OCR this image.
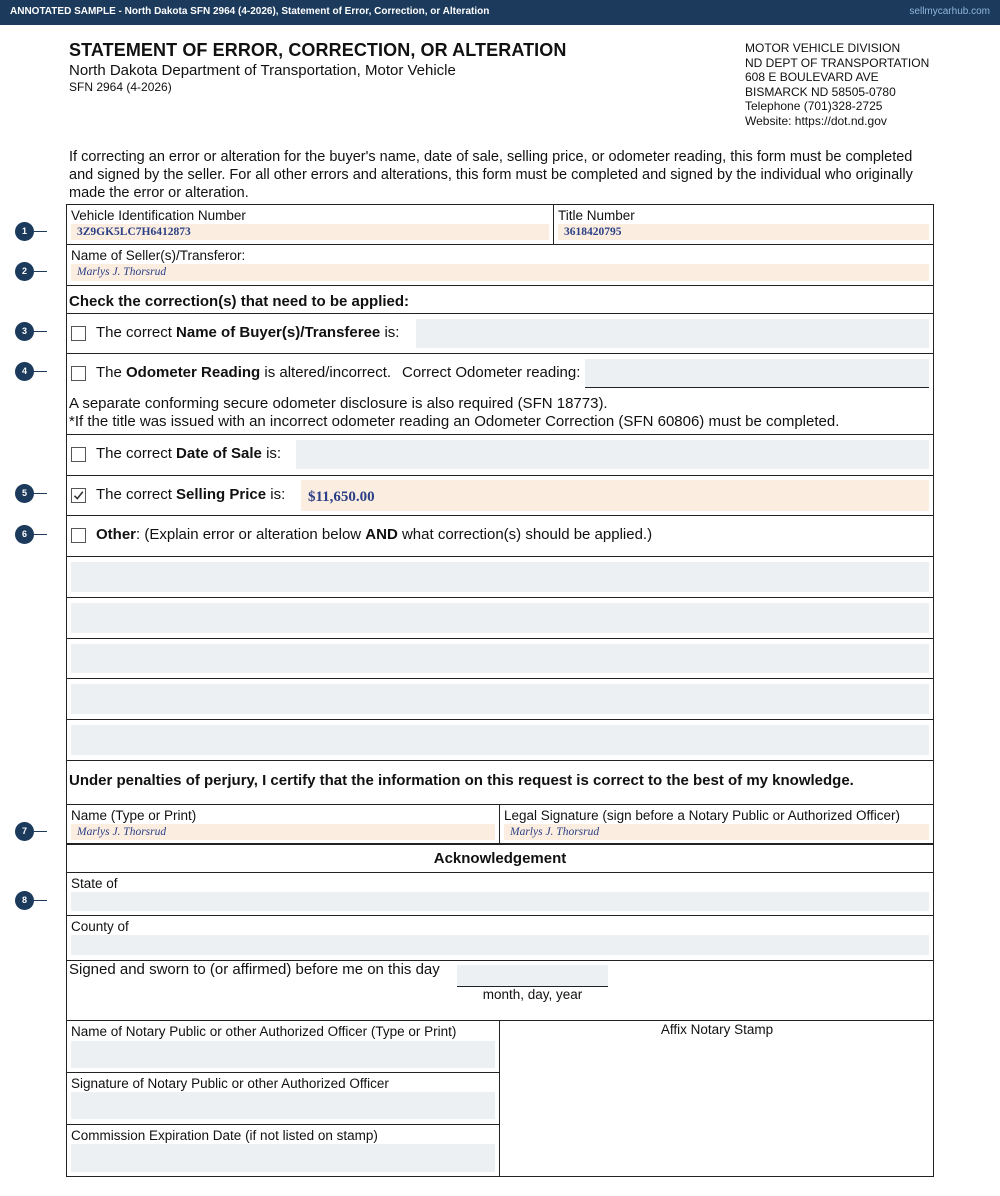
ANNOTATED SAMPLE - North Dakota SFN 2964 (4-2026), Statement of Error, Correction, or Alteration	sellmycarhub.com
STATEMENT OF ERROR, CORRECTION, OR ALTERATION
North Dakota Department of Transportation, Motor Vehicle
SFN 2964 (4-2026)
MOTOR VEHICLE DIVISION
ND DEPT OF TRANSPORTATION
608 E BOULEVARD AVE
BISMARCK ND 58505-0780
Telephone (701)328-2725
Website: https://dot.nd.gov
If correcting an error or alteration for the buyer's name, date of sale, selling price, or odometer reading, this form must be completed and signed by the seller. For all other errors and alterations, this form must be completed and signed by the individual who originally made the error or alteration.
Vehicle Identification Number
3Z9GK5LC7H6412873
Title Number
3618420795
Name of Seller(s)/Transferor:
Marlys J. Thorsrud
Check the correction(s) that need to be applied:
The correct Name of Buyer(s)/Transferee is:
The Odometer Reading is altered/incorrect. Correct Odometer reading:
A separate conforming secure odometer disclosure is also required (SFN 18773).
*If the title was issued with an incorrect odometer reading an Odometer Correction (SFN 60806) must be completed.
The correct Date of Sale is:
The correct Selling Price is:	$11,650.00
Other: (Explain error or alteration below AND what correction(s) should be applied.)
Under penalties of perjury, I certify that the information on this request is correct to the best of my knowledge.
Name (Type or Print)
Marlys J. Thorsrud
Legal Signature (sign before a Notary Public or Authorized Officer)
Marlys J. Thorsrud
Acknowledgement
State of
County of
Signed and sworn to (or affirmed) before me on this day
month, day, year
Name of Notary Public or other Authorized Officer (Type or Print)
Signature of Notary Public or other Authorized Officer
Commission Expiration Date (if not listed on stamp)
Affix Notary Stamp
1
2
3
4
5
6
7
8
